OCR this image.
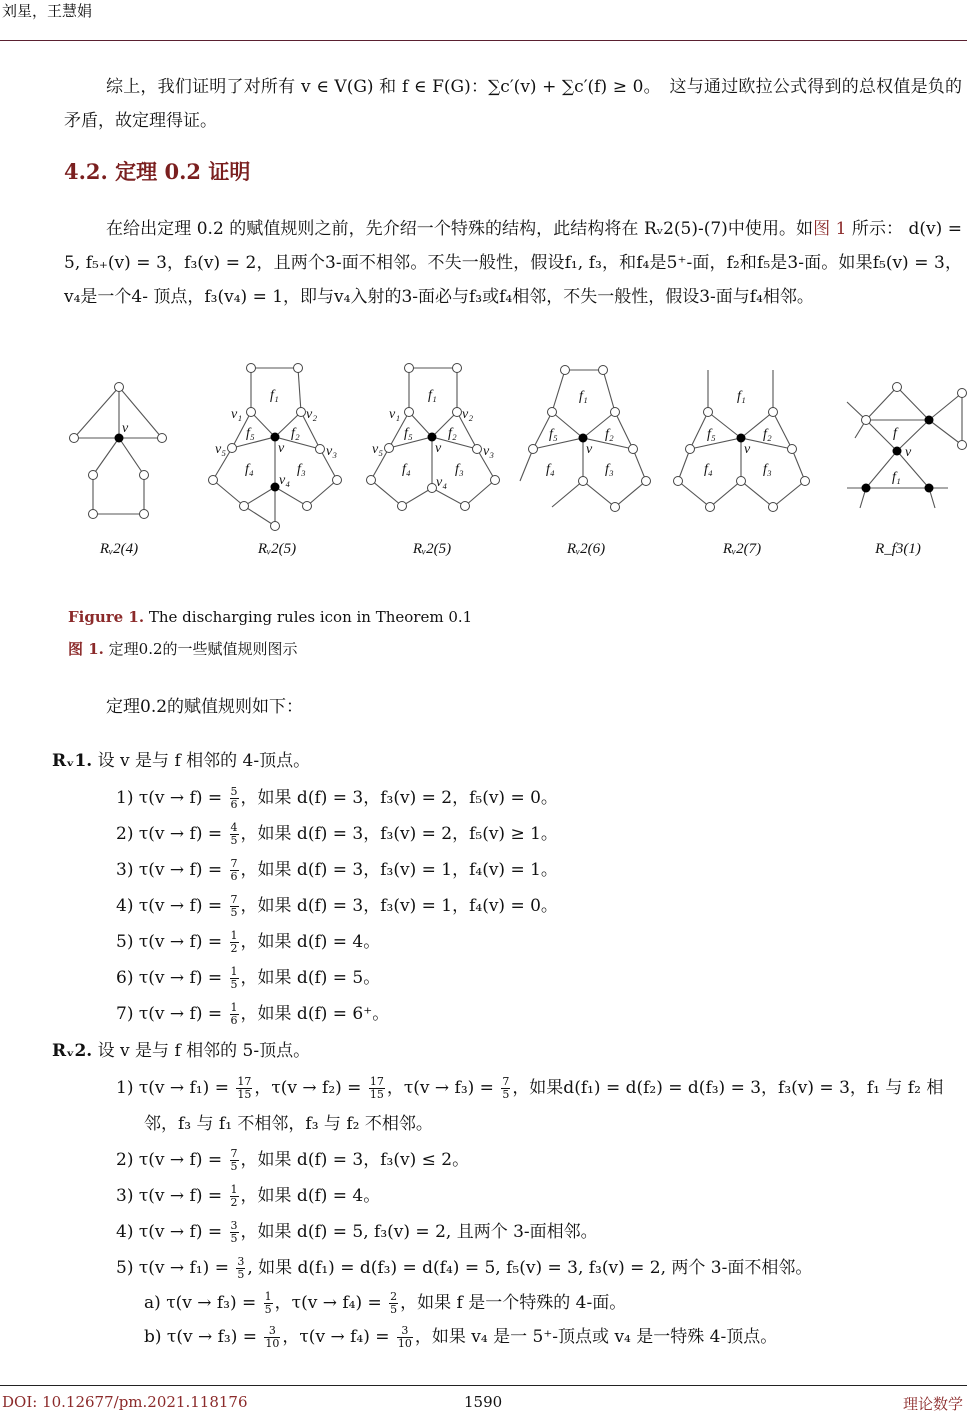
刘星，王慧娟
综上，我们证明了对所有 v ∈ V(G) 和 f ∈ F(G)：∑c′(v) + ∑c′(f) ≥ 0。　这与通过欧拉公式得到的总权值是负的矛盾，故定理得证。
4.2. 定理 0.2 证明
在给出定理 0.2 的赋值规则之前，先介绍一个特殊的结构，此结构将在 Rᵥ2(5)-(7)中使用。如图 1 所示： d(v) = 5, f₅₊(v) = 3，f₃(v) = 2，且两个3-面不相邻。不失一般性，假设f₁, f₃，和f₄是5⁺-面，f₂和f₅是3-面。如果f₅(v) = 3，v₄是一个4- 顶点，f₃(v₄) = 1，即与v₄入射的3-面必与f₃或f₄相邻，不失一般性，假设3-面与f₄相邻。
v
f₁
v₁	v₂
f₅	f₂
v₅	v₃
v
f₄	f₃
v₄
f₁
v₁	v₂
f₅	f₂
v₅	v₃
v
f₄	f₃
v₄
f₁
f₅	f₂
v
f₄	f₃
f₁
f₅	f₂
v
f₄	f₃
f
v
f₁
Rᵥ2(4)	Rᵥ2(5)	Rᵥ2(5)	Rᵥ2(6)	Rᵥ2(7)	R_f3(1)
Figure 1. The discharging rules icon in Theorem 0.1
图 1. 定理0.2的一些赋值规则图示
定理0.2的赋值规则如下：
Rᵥ1. 设 v 是与 f 相邻的 4-顶点。
1) $\tau(v \to f) = \frac{5}{6}$ ，如果 d(f) = 3，f₃(v) = 2，f₅(v) = 0。
2) $\tau(v \to f) = \frac{4}{5}$ ，如果 d(f) = 3，f₃(v) = 2，f₅(v) ≥ 1。
3) $\tau(v \to f) = \frac{7}{6}$ ，如果 d(f) = 3，f₃(v) = 1，f₄(v) = 1。
4) $\tau(v \to f) = \frac{7}{5}$ ，如果 d(f) = 3，f₃(v) = 1，f₄(v) = 0。
5) $\tau(v \to f) = \frac{1}{2}$ ，如果 d(f) = 4。
6) $\tau(v \to f) = \frac{1}{5}$ ，如果 d(f) = 5。
7) $\tau(v \to f) = \frac{1}{6}$ ，如果 d(f) = 6⁺。
Rᵥ2. 设 v 是与 f 相邻的 5-顶点。
1) $\tau(v \to f_1) = \frac{17}{15}$ ，$\tau(v \to f_2) = \frac{17}{15}$ ，$\tau(v \to f_3) = \frac{7}{5}$ ，如果d(f₁) = d(f₂) = d(f₃) = 3，f₃(v) = 3，f₁ 与 f₂ 相邻，f₃ 与 f₁ 不相邻，f₃ 与 f₂ 不相邻。
2) $\tau(v \to f) = \frac{7}{5}$ ，如果 d(f) = 3，f₃(v) ≤ 2。
3) $\tau(v \to f) = \frac{1}{2}$ ，如果 d(f) = 4。
4) $\tau(v \to f) = \frac{3}{5}$ ，如果 d(f) = 5, f₃(v) = 2, 且两个 3-面相邻。
5) $\tau(v \to f_1) = \frac{3}{5}$ , 如果 d(f₁) = d(f₃) = d(f₄) = 5, f₅(v) = 3, f₃(v) = 2, 两个 3-面不相邻。
a) $\tau(v \to f_3) = \frac{1}{5}$ ，$\tau(v \to f_4) = \frac{2}{5}$ ，如果 f 是一个特殊的 4-面。
b) $\tau(v \to f_3) = \frac{3}{10}$ ，$\tau(v \to f_4) = \frac{3}{10}$ ，如果 v₄ 是一 5⁺-顶点或 v₄ 是一特殊 4-顶点。
DOI: 10.12677/pm.2021.118176	1590	理论数学
